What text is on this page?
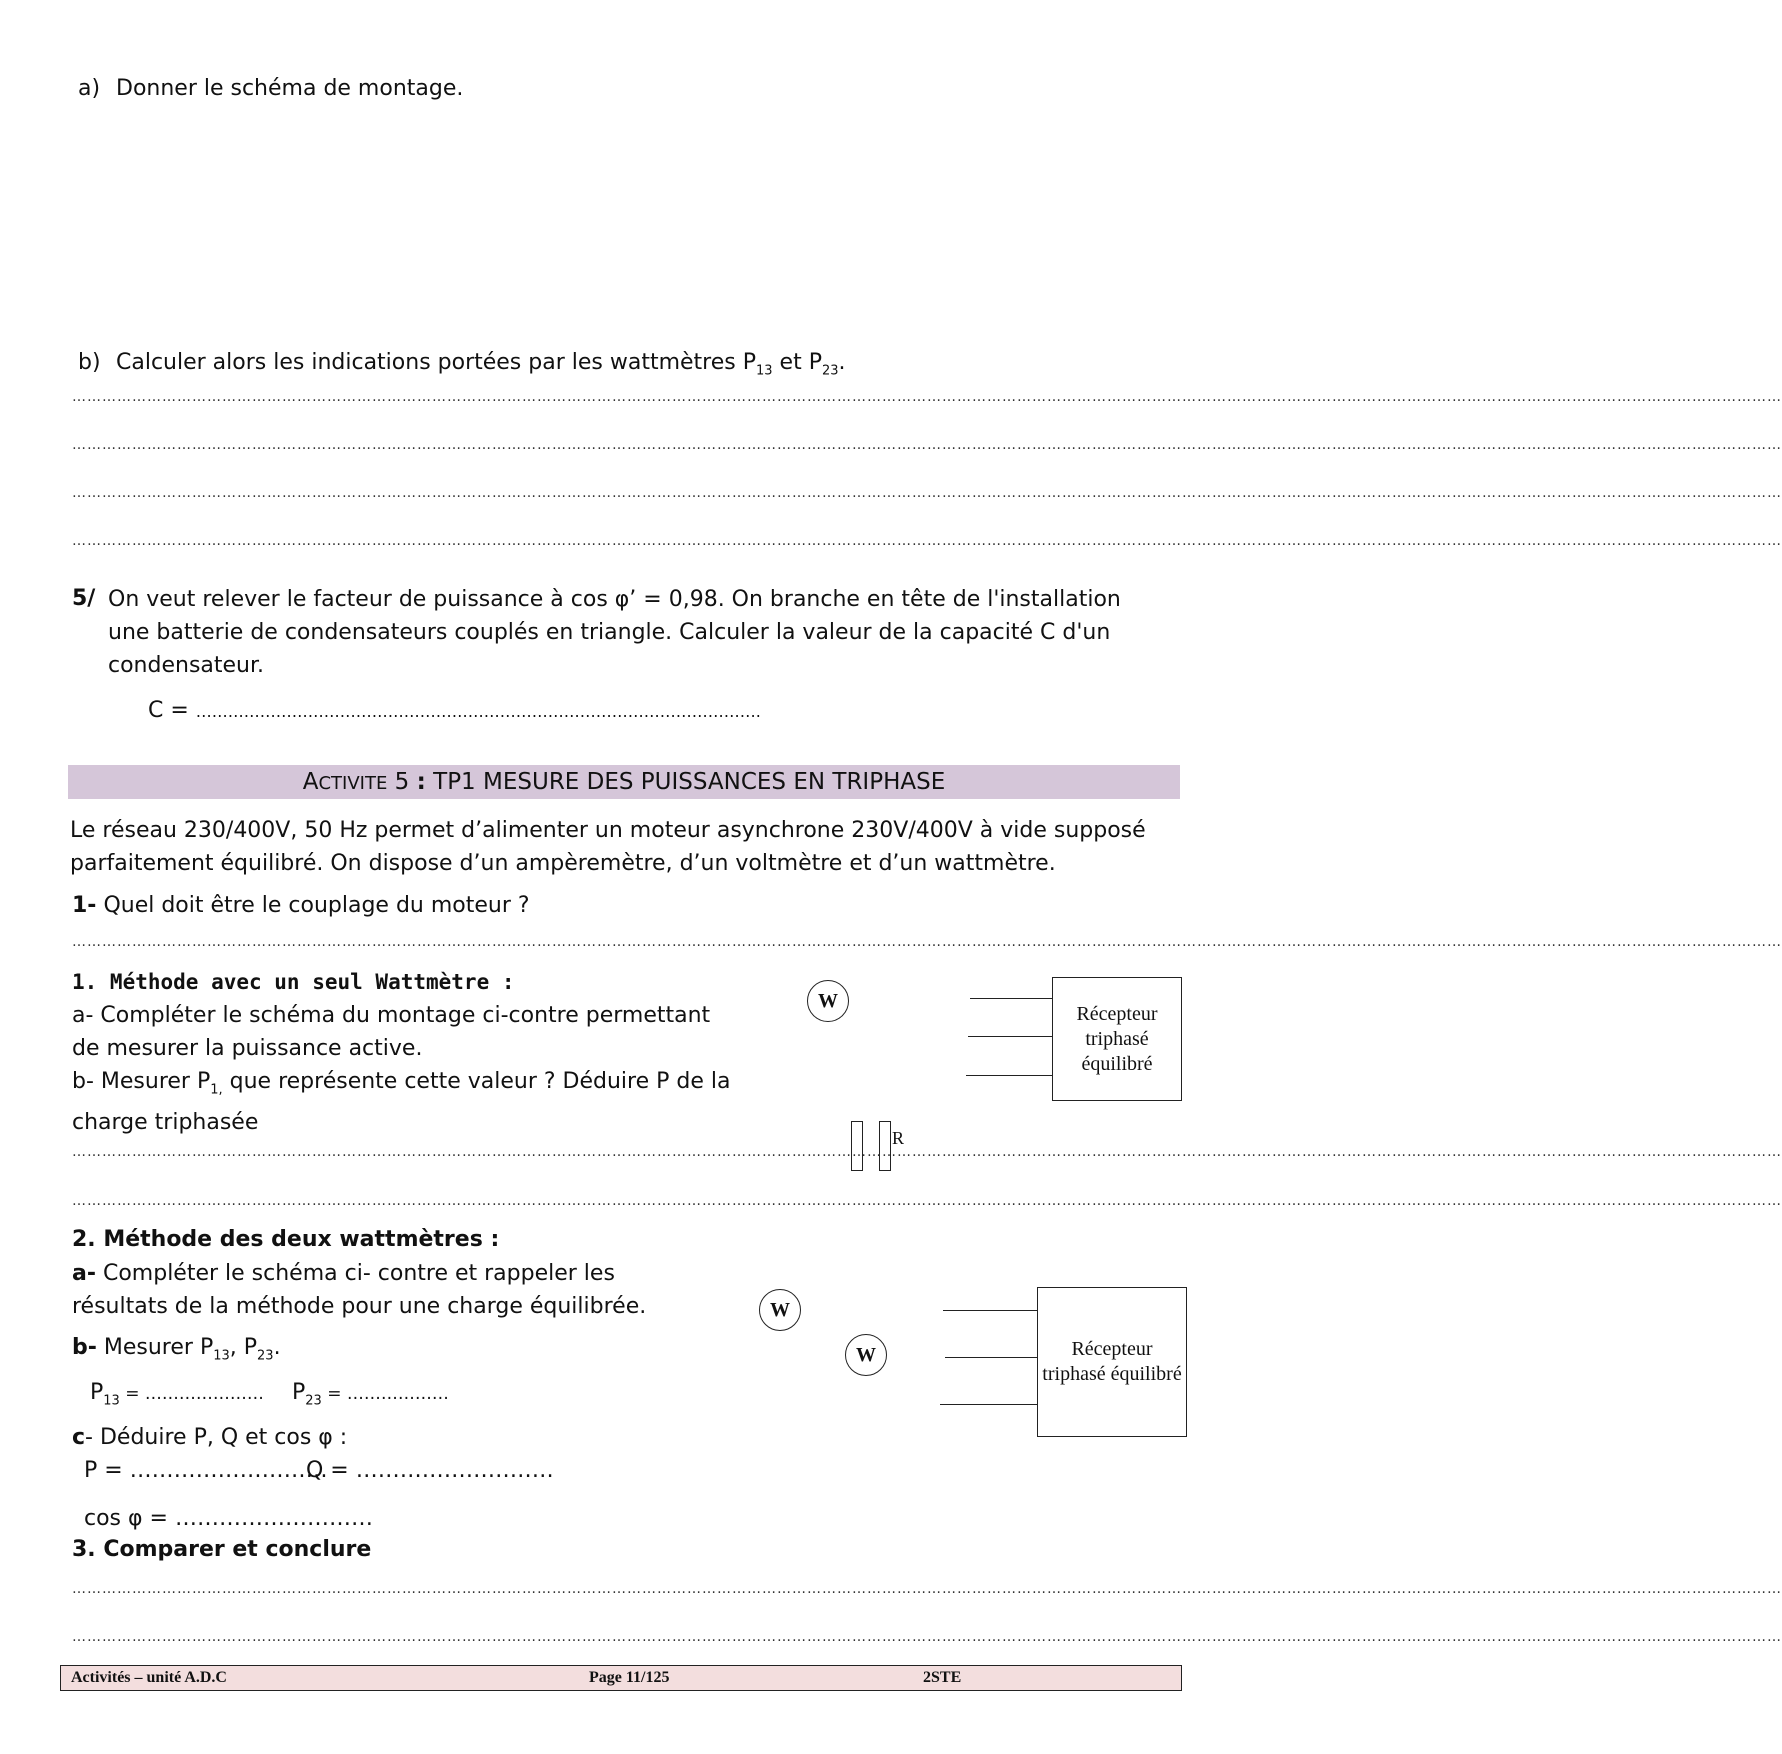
a) Donner le schéma de montage.
b) Calculer alors les indications portées par les wattmètres $P_{13}$ et $P_{23}$.
………………………………………………………………………………………………………………………………………………………………………………………………………………………………………………………………………………………………………………
………………………………………………………………………………………………………………………………………………………………………………………………………………………………………………………………………………………………………………
………………………………………………………………………………………………………………………………………………………………………………………………………………………………………………………………………………………………………………
………………………………………………………………………………………………………………………………………………………………………………………………………………………………………………………………………………………………………………
5/ On veut relever le facteur de puissance à cos φ’ = 0,98. On branche en tête de l'installation une batterie de condensateurs couplés en triangle. Calculer la valeur de la capacité C d'un condensateur.
C = …………………………………………………………………………………………….
ACTIVITE 5 : TP1 MESURE DES PUISSANCES EN TRIPHASE
Le réseau 230/400V, 50 Hz permet d’alimenter un moteur asynchrone 230V/400V à vide supposé parfaitement équilibré. On dispose d’un ampèremètre, d’un voltmètre et d’un wattmètre.
1- Quel doit être le couplage du moteur ?
………………………………………………………………………………………………………………………………………………………………………………………………………………………………………………………………………………………………………………
1. Méthode avec un seul Wattmètre :
a- Compléter le schéma du montage ci-contre permettant de mesurer la puissance active.
b- Mesurer $P_{1,}$ que représente cette valeur ? Déduire P de la charge triphasée
………………………………………………………………………………………………………………………………………………………………………………………………………………………………………………………………………………………………………………
………………………………………………………………………………………………………………………………………………………………………………………………………………………………………………………………………………………………………………
W
Récepteur triphasé équilibré
R
2. Méthode des deux wattmètres :
a- Compléter le schéma ci- contre et rappeler les résultats de la méthode pour une charge équilibrée.
b- Mesurer $P_{13}$, $P_{23}$.
$P_{13}$ = ………………… $P_{23}$ = ………………
c- Déduire P, Q et cos φ :
P = ………………………
Q = ………………………
cos φ = ………………………
W
W	Récepteur triphasé équilibré
3. Comparer et conclure
………………………………………………………………………………………………………………………………………………………………………………………………………………………………………………………………………………………………………………
………………………………………………………………………………………………………………………………………………………………………………………………………………………………………………………………………………………………………………
Activités – unité A.D.C	Page 11/125	2STE
